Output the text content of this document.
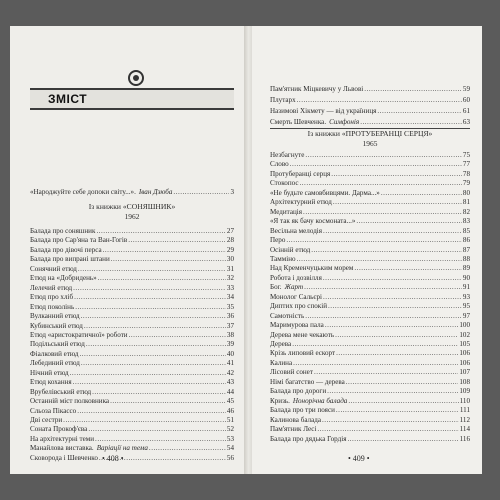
ЗМІСТ
«Народжуйте себе допоки світу...». Іван Дзюба .....	3
Із книжки «СОНЯШНИК»
1962
Балада про соняшник .....	27
Балада про Сар'яна та Ван-Гогів .....	28
Балада про дівочі перса .....	29
Балада про випрані штани .....	30
Сонячний етюд .....	31
Етюд на «Добридень» .....	32
Лелечий етюд .....	33
Етюд про хліб .....	34
Етюд поколінь .....	35
Вулканний етюд .....	36
Кубинський етюд .....	37
Етюд «аристократичної» роботи .....	38
Подільський етюд .....	39
Фіалковий етюд .....	40
Лебединий етюд .....	41
Нічний етюд .....	42
Етюд кохання .....	43
Врубелівський етюд .....	44
Останній міст полковника .....	45
Сльоза Пікассо .....	46
Дві сестри .....	51
Соната Прокоф'єва .....	52
На архітектурні теми .....	53
Манайлова виставка. Варіації на тема .....	54
Сковорода і Шевченко .....	56
• 408 •
Пам'ятник Міцкевичу у Львові .....	59
Плутарх .....	60
Назимові Хікмету — від україниця .....	61
Смерть Шевченка. Симфонія .....	63
Із книжки «ПРОТУБЕРАНЦІ СЕРЦЯ»
1965
Незбагнуте .....	75
Слово .....	77
Протуберанці серця .....	78
Стокопос .....	79
«Не будьте самовбивцями. Дарма...» .....	80
Архітектурний етюд .....	81
Медитація .....	82
«Я так як бачу космоната...» .....	83
Весільна мелодія .....	85
Перо .....	86
Осінній етюд .....	87
Тамміно .....	88
Над Кременчуцьким морем .....	89
Робота і дозвілля .....	90
Бог. Жарт .....	91
Монолог Сальєрі .....	93
Диптих про спокій .....	95
Самотність .....	97
Маримурова пала .....	100
Дерева мене чекають .....	102
Дерева .....	105
Крізь липовий ескорт .....	106
Калина .....	106
Лісовий сонет .....	107
Німі багатство — дерева .....	108
Балада про дороги .....	109
Кризь. Нонорічна балада .....	110
Балада про три пояси .....	111
Калинова балада .....	112
Пам'ятник Лесі .....	114
Балада про дядька Гордія .....	116
• 409 •
